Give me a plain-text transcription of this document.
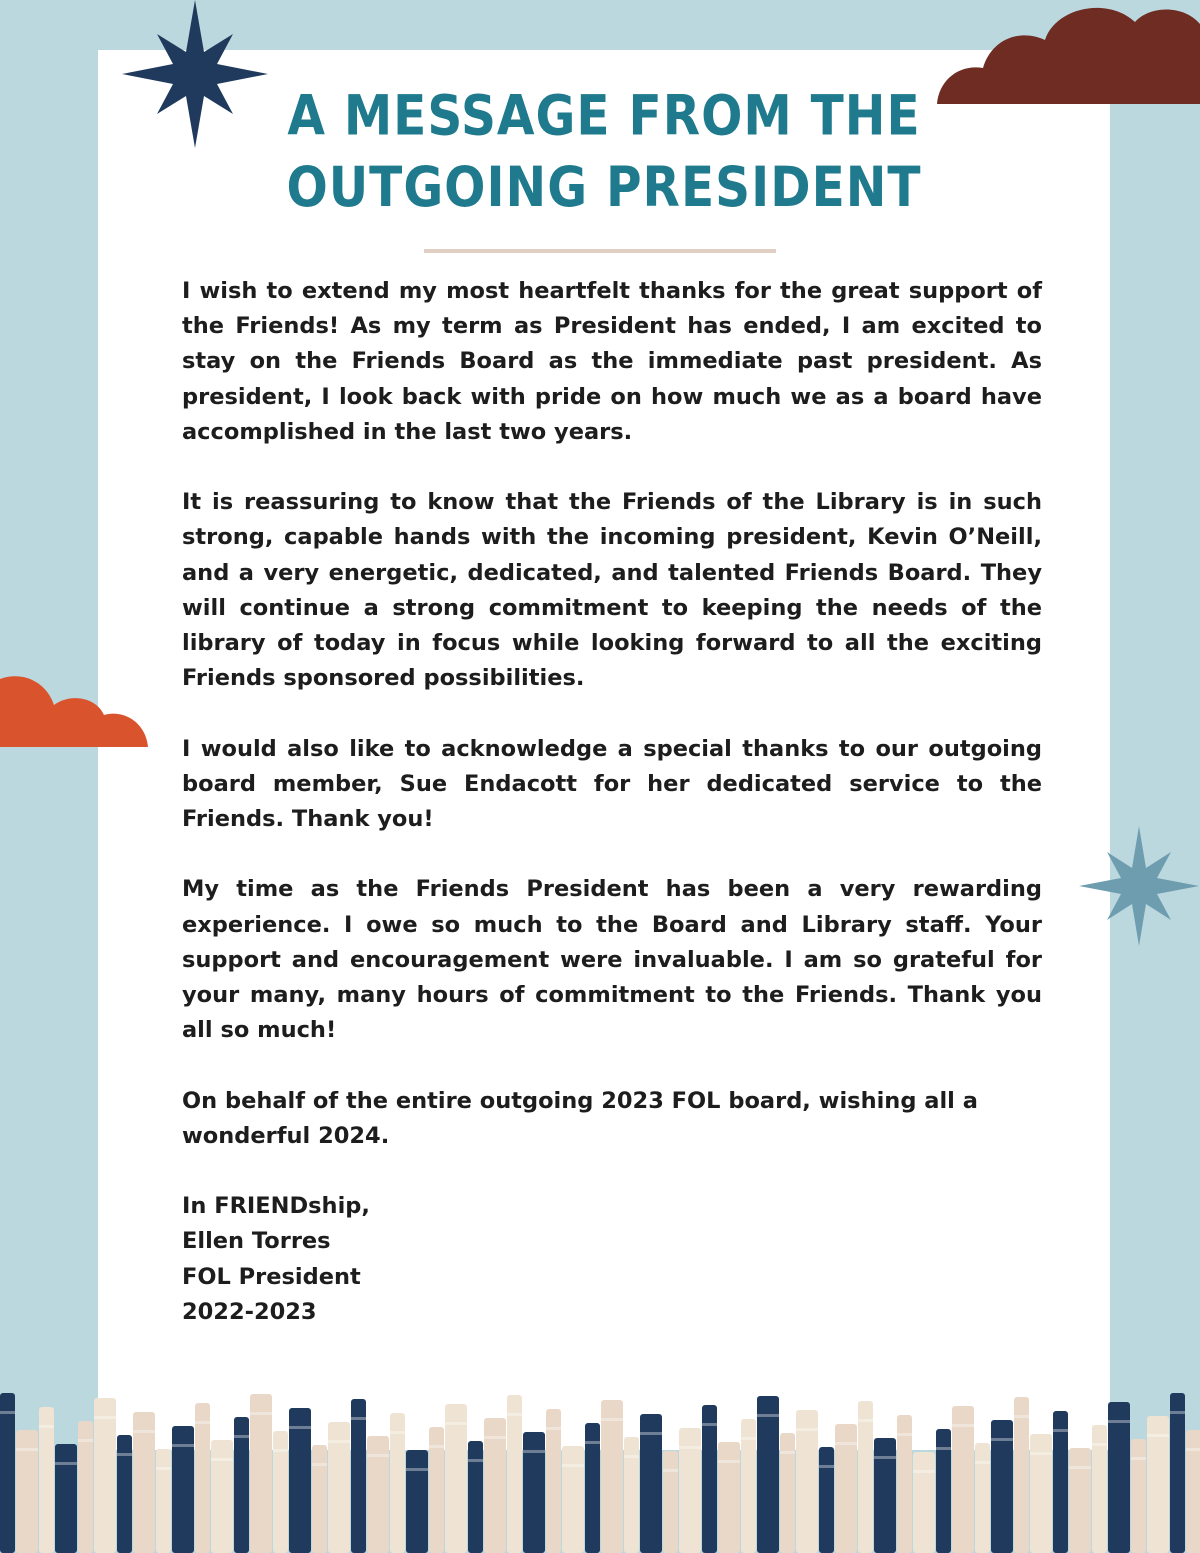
A MESSAGE FROM THE
OUTGOING PRESIDENT

I wish to extend my most heartfelt thanks for the great support of the Friends! As my term as President has ended, I am excited to stay on the Friends Board as the immediate past president. As president, I look back with pride on how much we as a board have accomplished in the last two years.

It is reassuring to know that the Friends of the Library is in such strong, capable hands with the incoming president, Kevin O’Neill, and a very energetic, dedicated, and talented Friends Board. They will continue a strong commitment to keeping the needs of the library of today in focus while looking forward to all the exciting Friends sponsored possibilities.

I would also like to acknowledge a special thanks to our outgoing board member, Sue Endacott for her dedicated service to the Friends. Thank you!

My time as the Friends President has been a very rewarding experience. I owe so much to the Board and Library staff. Your support and encouragement were invaluable. I am so grateful for your many, many hours of commitment to the Friends. Thank you all so much!

On behalf of the entire outgoing 2023 FOL board, wishing all a wonderful 2024.

In FRIENDship,
Ellen Torres
FOL President
2022-2023
